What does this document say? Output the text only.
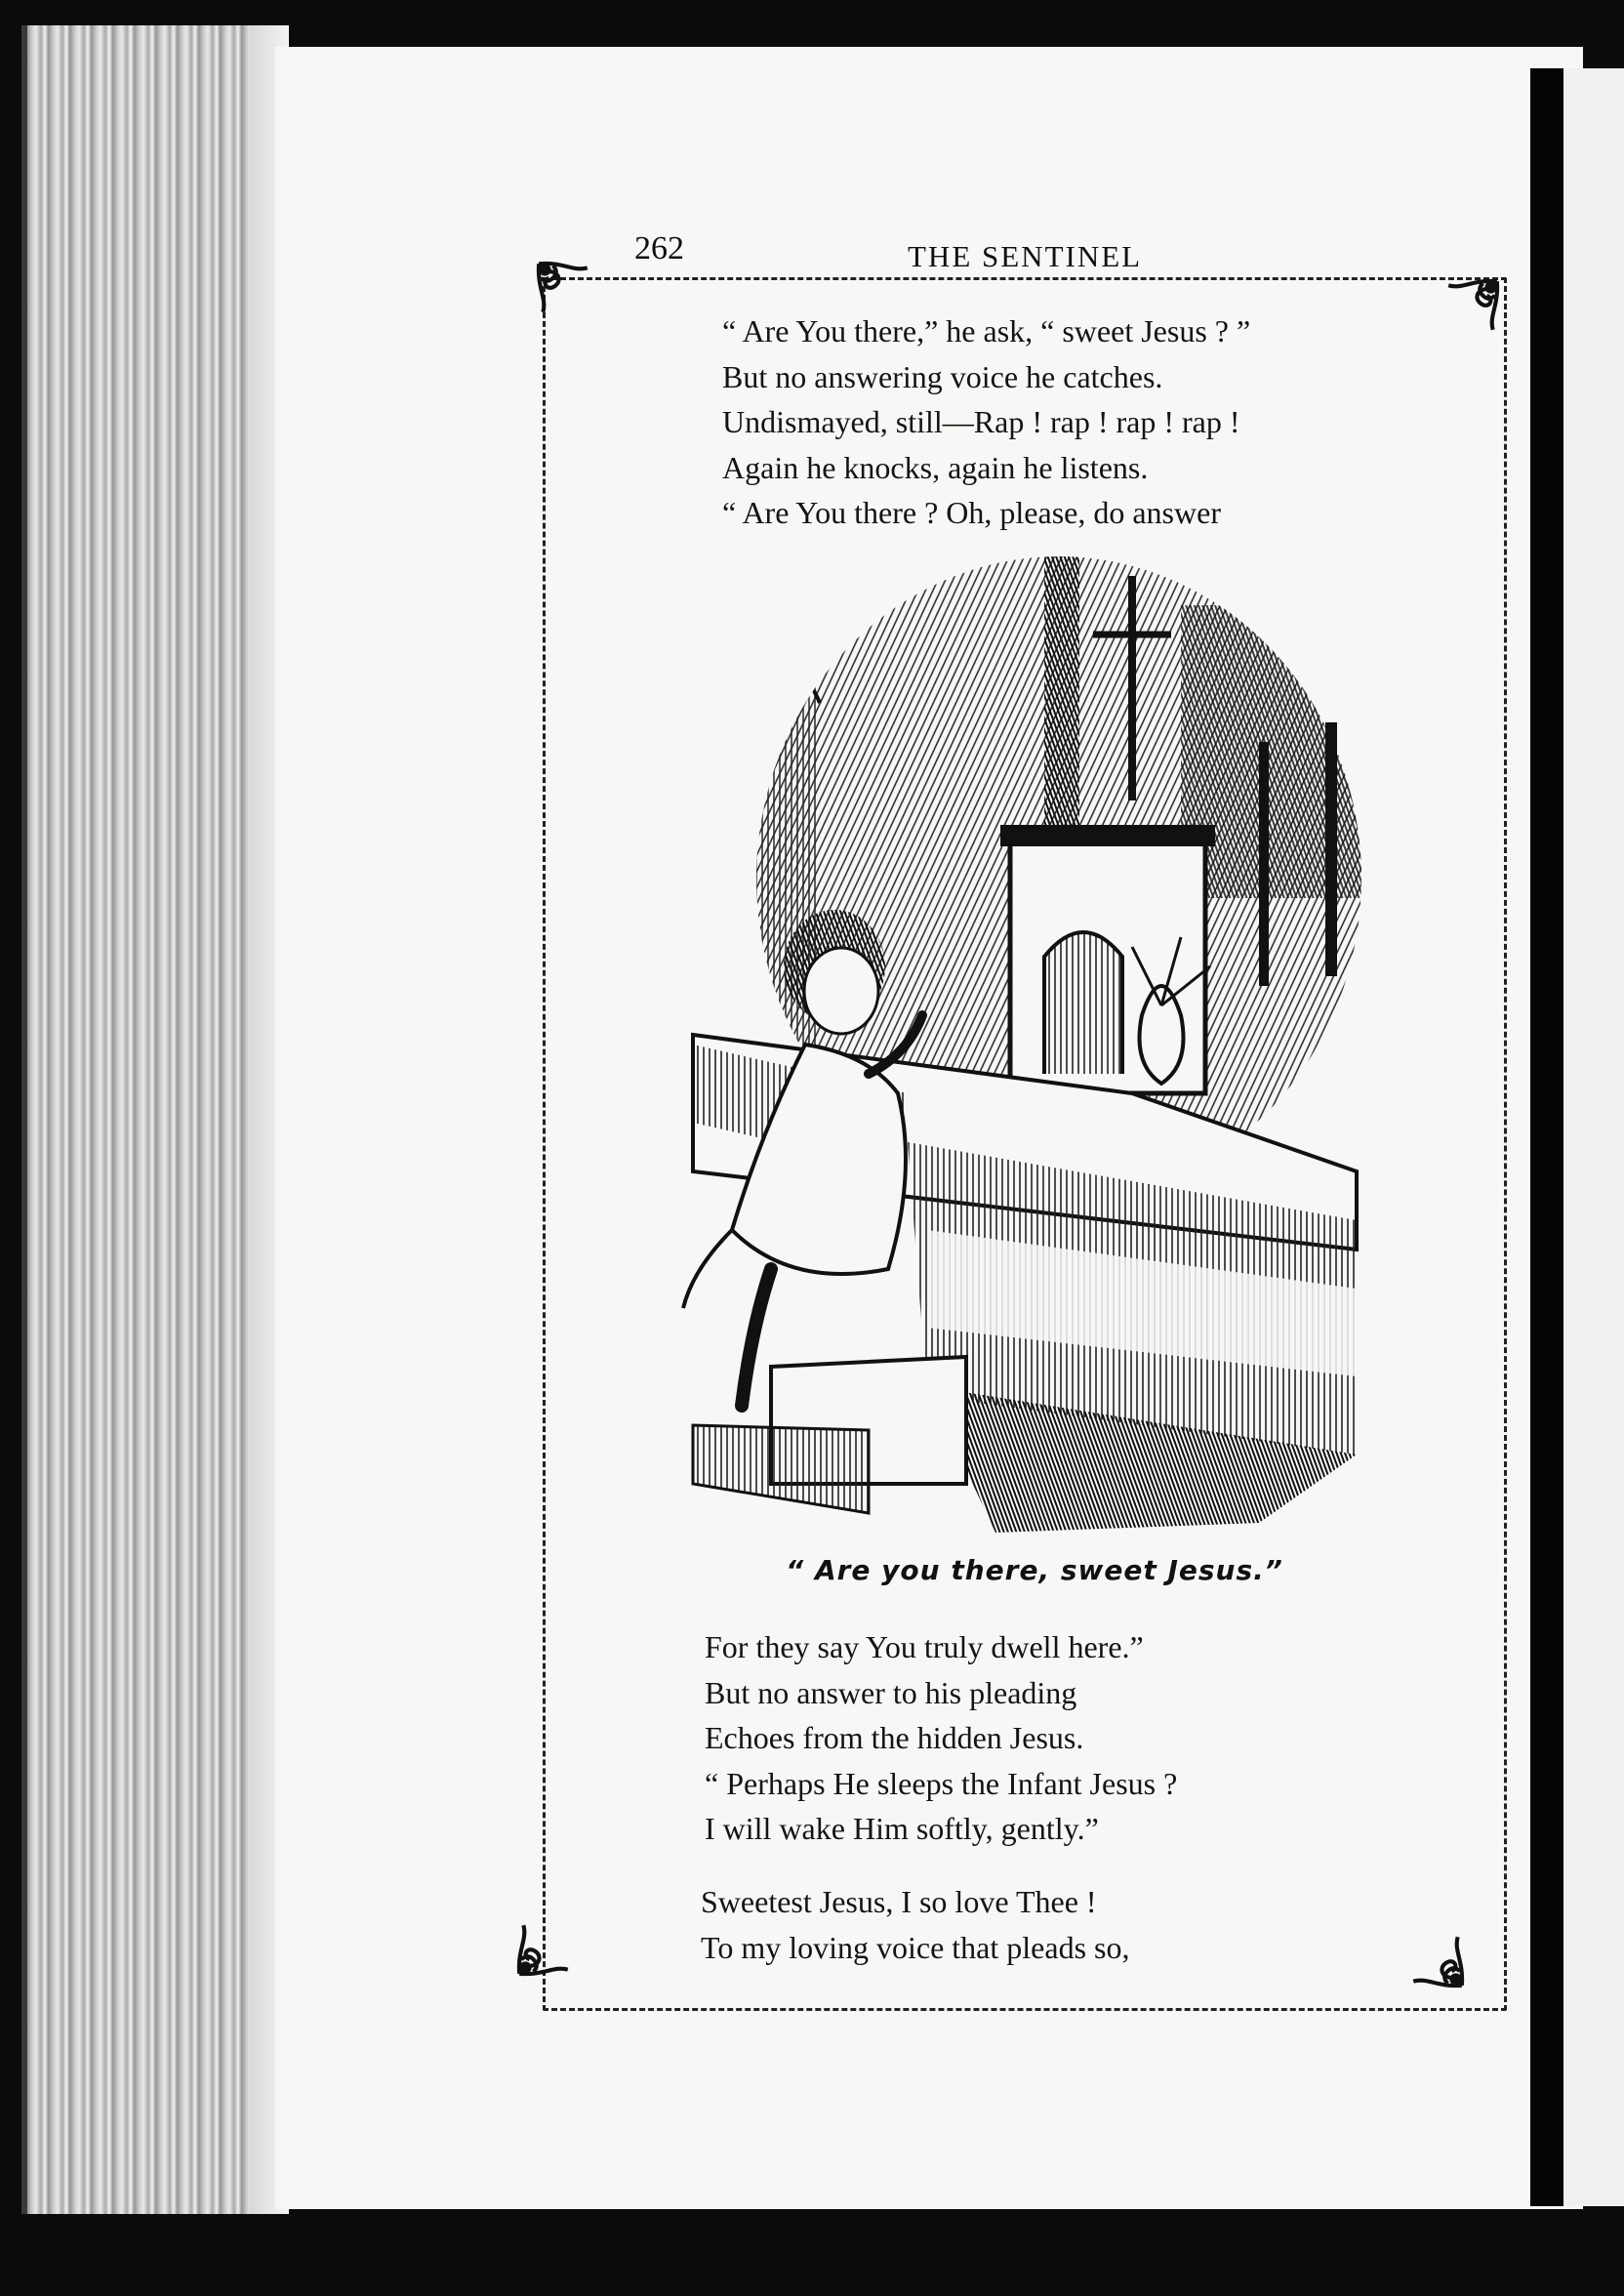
262	THE SENTINEL
“ Are You there,” he ask, “ sweet Jesus ? ”
But no answering voice he catches.
Undismayed, still—Rap ! rap ! rap ! rap !
Again he knocks, again he listens.
“ Are You there ? Oh, please, do answer
“ Are you there, sweet Jesus.”
For they say You truly dwell here.”
But no answer to his pleading
Echoes from the hidden Jesus.
“ Perhaps He sleeps the Infant Jesus ?
I will wake Him softly, gently.”
Sweetest Jesus, I so love Thee !
To my loving voice that pleads so,
